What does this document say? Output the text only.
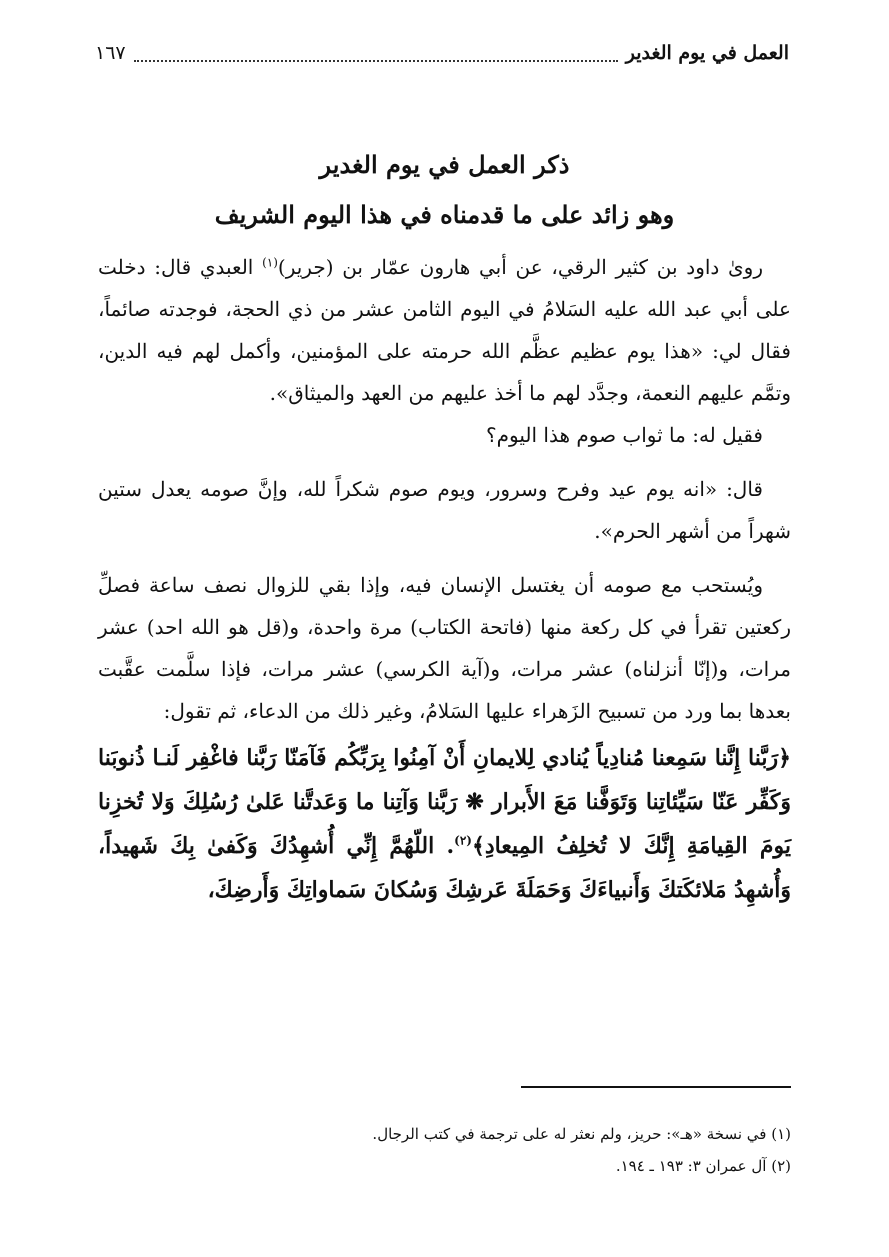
العمل في يوم الغدير
١٦٧
ذكر العمل في يوم الغدير
وهو زائد على ما قدمناه في هذا اليوم الشريف

روىٰ داود بن كثير الرقي، عن أبي هارون عمّار بن (جرير)$^{(١)}$ العبدي قال: دخلت على أبي عبد الله عليه السَلامُ في اليوم الثامن عشر من ذي الحجة، فوجدته صائماً، فقال لي: «هذا يوم عظيم عظَّم الله حرمته على المؤمنين، وأكمل لهم فيه الدين، وتمَّم عليهم النعمة، وجدَّد لهم ما أخذ عليهم من العهد والميثاق».

فقيل له: ما ثواب صوم هذا اليوم؟

قال: «انه يوم عيد وفرح وسرور، ويوم صوم شكراً لله، وإنَّ صومه يعدل ستين شهراً من أشهر الحرم».

ويُستحب مع صومه أن يغتسل الإنسان فيه، وإذا بقي للزوال نصف ساعة فصلِّ ركعتين تقرأ في كل ركعة منها (فاتحة الكتاب) مرة واحدة، و(قل هو الله احد) عشر مرات، و(إنّا أنزلناه) عشر مرات، و(آية الكرسي) عشر مرات، فإذا سلَّمت عقَّبت بعدها بما ورد من تسبيح الزَهراء عليها السَلامُ، وغير ذلك من الدعاء، ثم تقول:

﴿رَبَّنا إِنَّنا سَمِعنا مُنادِياً يُنادي لِلايمانِ أَنْ آمِنُوا بِرَبِّكُم فَآمَنّا رَبَّنا فاغْفِر لَنـا ذُنوبَنا وَكَفِّر عَنّا سَيِّئاتِنا وَتَوَفَّنا مَعَ الأَبرار ❋ رَبَّنا وَآتِنا ما وَعَدتَّنا عَلىٰ رُسُلِكَ وَلا تُخزِنا يَومَ القِيامَةِ إِنَّكَ لا تُخلِفُ المِيعادِ﴾$^{(٢)}$. اللّهُمَّ إِنِّي أُشهِدُكَ وَكَفىٰ بِكَ شَهيداً، وَأُشهِدُ مَلائكَتكَ وَأَنبياءَكَ وَحَمَلَةَ عَرشِكَ وَسُكانَ سَماواتِكَ وَأَرضِكَ،

(١) في نسخة «هـ»: حريز، ولم نعثر له على ترجمة في كتب الرجال.
(٢) آل عمران ٣: ١٩٣ ـ ١٩٤.
